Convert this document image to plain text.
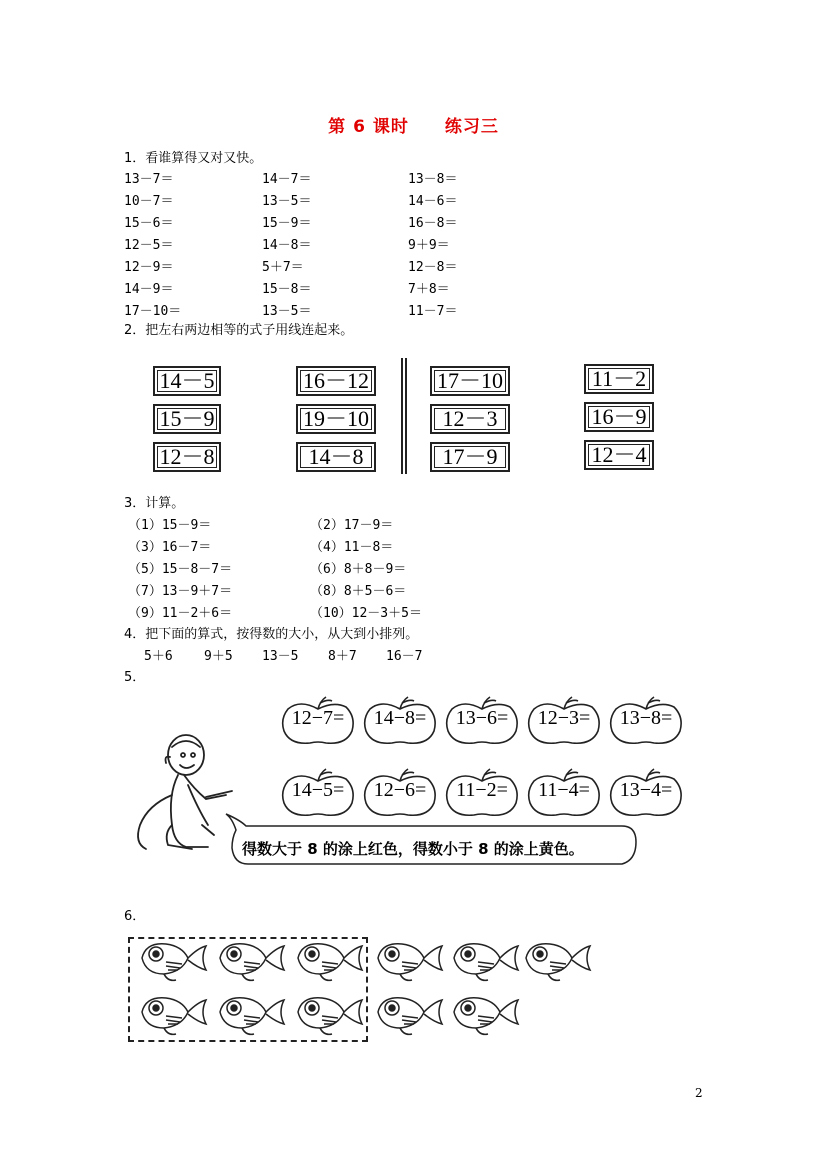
第 6 课时　　练习三
1．看谁算得又对又快。
13－7＝	14－7＝	13－8＝
10－7＝	13－5＝	14－6＝
15－6＝	15－9＝	16－8＝
12－5＝	14－8＝	9＋9＝
12－9＝	5＋7＝	12－8＝
14－9＝	15－8＝	7＋8＝
17－10＝	13－5＝	11－7＝
2．把左右两边相等的式子用线连起来。
14－5
15－9
12－8
16－12
19－10
14－8
17－10
12－3
17－9
11－2
16－9
12－4
3．计算。
（1）15－9＝	（2）17－9＝
（3）16－7＝	（4）11－8＝
（5）15－8－7＝	（6）8＋8－9＝
（7）13－9＋7＝	（8）8＋5－6＝
（9）11－2＋6＝	（10）12－3＋5＝
4．把下面的算式，按得数的大小，从大到小排列。
5＋6 9＋5 13－5 8＋7 16－7
5．
12−7=	14−8=	13−6=	12−3=	13−8=
14−5=	12−6=	11−2=	11−4=	13−4=
得数大于 8 的涂上红色，得数小于 8 的涂上黄色。
6．
2
